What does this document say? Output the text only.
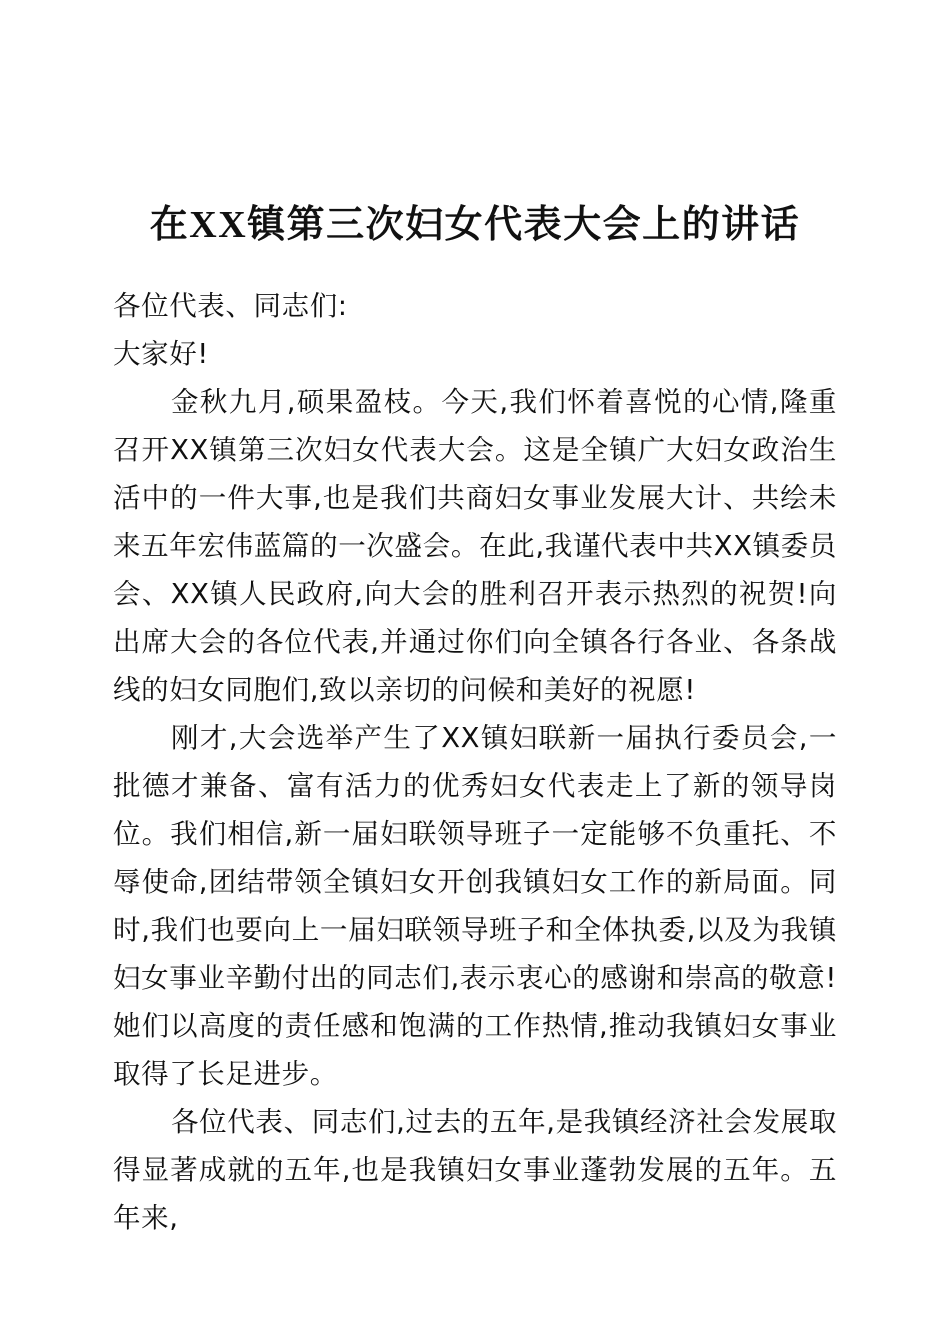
在XX镇第三次妇女代表大会上的讲话

各位代表、同志们:

大家好!

金秋九月,硕果盈枝。今天,我们怀着喜悦的心情,隆重召开XX镇第三次妇女代表大会。这是全镇广大妇女政治生活中的一件大事,也是我们共商妇女事业发展大计、共绘未来五年宏伟蓝篇的一次盛会。在此,我谨代表中共XX镇委员会、XX镇人民政府,向大会的胜利召开表示热烈的祝贺!向出席大会的各位代表,并通过你们向全镇各行各业、各条战线的妇女同胞们,致以亲切的问候和美好的祝愿!

刚才,大会选举产生了XX镇妇联新一届执行委员会,一批德才兼备、富有活力的优秀妇女代表走上了新的领导岗位。我们相信,新一届妇联领导班子一定能够不负重托、不辱使命,团结带领全镇妇女开创我镇妇女工作的新局面。同时,我们也要向上一届妇联领导班子和全体执委,以及为我镇妇女事业辛勤付出的同志们,表示衷心的感谢和崇高的敬意!她们以高度的责任感和饱满的工作热情,推动我镇妇女事业取得了长足进步。

各位代表、同志们,过去的五年,是我镇经济社会发展取得显著成就的五年,也是我镇妇女事业蓬勃发展的五年。五年来,
